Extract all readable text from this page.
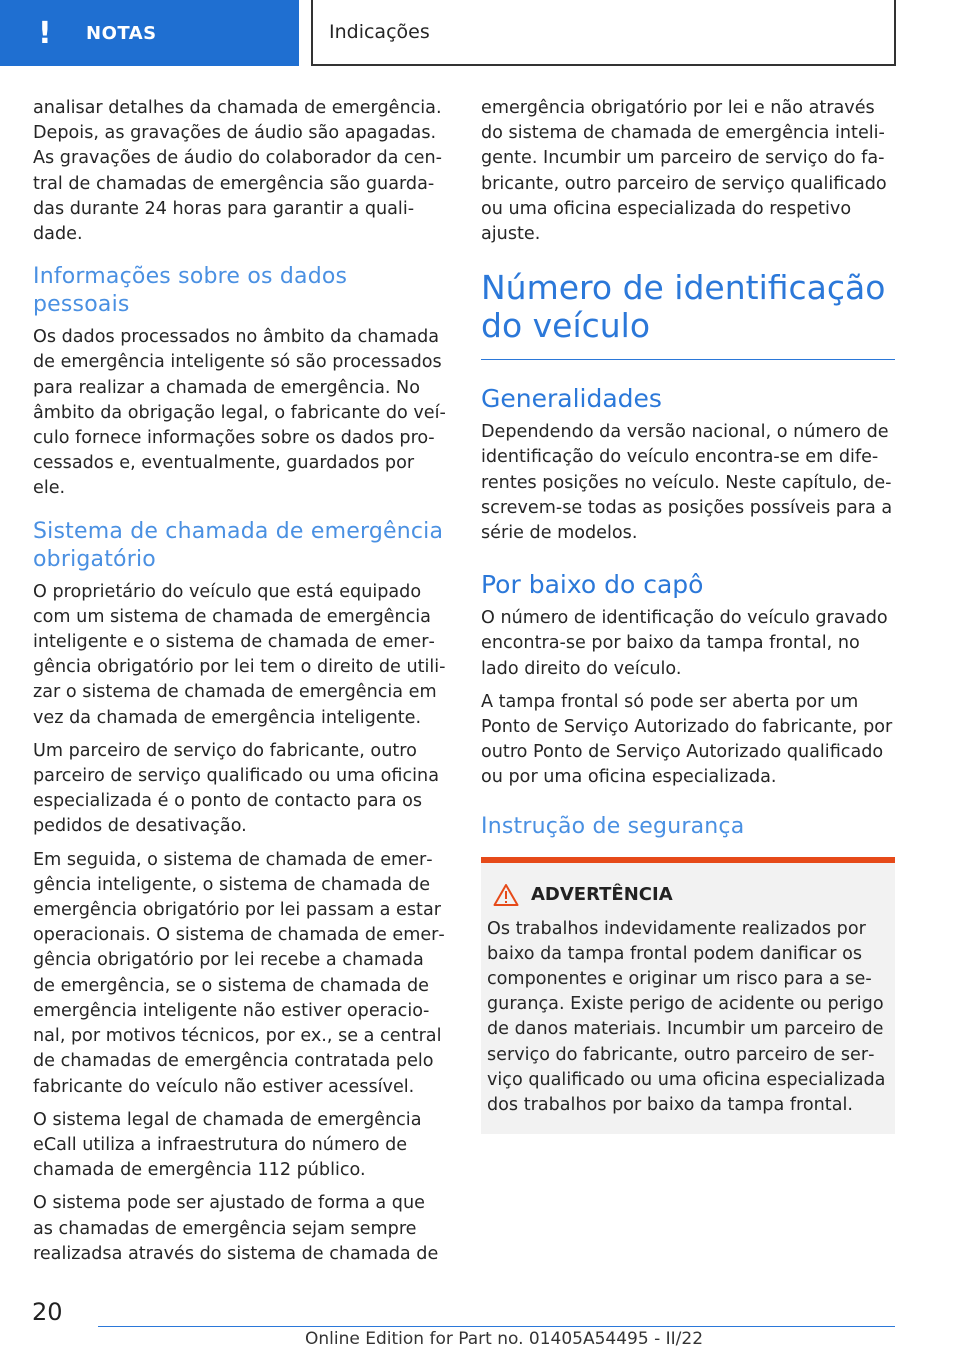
!	NOTAS	Indicações

analisar detalhes da chamada de emergência. Depois, as gravações de áudio são apagadas. As gravações de áudio do colaborador da central de chamadas de emergência são guardadas durante 24 horas para garantir a qualidade.

Informações sobre os dados pessoais

Os dados processados no âmbito da chamada de emergência inteligente só são processados para realizar a chamada de emergência. No âmbito da obrigação legal, o fabricante do veículo fornece informações sobre os dados processados e, eventualmente, guardados por ele.

Sistema de chamada de emergência obrigatório

O proprietário do veículo que está equipado com um sistema de chamada de emergência inteligente e o sistema de chamada de emergência obrigatório por lei tem o direito de utilizar o sistema de chamada de emergência em vez da chamada de emergência inteligente.

Um parceiro de serviço do fabricante, outro parceiro de serviço qualificado ou uma oficina especializada é o ponto de contacto para os pedidos de desativação.

Em seguida, o sistema de chamada de emergência inteligente, o sistema de chamada de emergência obrigatório por lei passam a estar operacionais. O sistema de chamada de emergência obrigatório por lei recebe a chamada de emergência, se o sistema de chamada de emergência inteligente não estiver operacional, por motivos técnicos, por ex., se a central de chamadas de emergência contratada pelo fabricante do veículo não estiver acessível.

O sistema legal de chamada de emergência eCall utiliza a infraestrutura do número de chamada de emergência 112 público.

O sistema pode ser ajustado de forma a que as chamadas de emergência sejam sempre realizadsa através do sistema de chamada de

emergência obrigatório por lei e não através do sistema de chamada de emergência inteligente. Incumbir um parceiro de serviço do fabricante, outro parceiro de serviço qualificado ou uma oficina especializada do respetivo ajuste.

Número de identificação do veículo
Generalidades

Dependendo da versão nacional, o número de identificação do veículo encontra-se em diferentes posições no veículo. Neste capítulo, descrevem-se todas as posições possíveis para a série de modelos.

Por baixo do capô

O número de identificação do veículo gravado encontra-se por baixo da tampa frontal, no lado direito do veículo.

A tampa frontal só pode ser aberta por um Ponto de Serviço Autorizado do fabricante, por outro Ponto de Serviço Autorizado qualificado ou por uma oficina especializada.

Instrução de segurança
ADVERTÊNCIA

Os trabalhos indevidamente realizados por baixo da tampa frontal podem danificar os componentes e originar um risco para a segurança. Existe perigo de acidente ou perigo de danos materiais. Incumbir um parceiro de serviço do fabricante, outro parceiro de serviço qualificado ou uma oficina especializada dos trabalhos por baixo da tampa frontal.

20
Online Edition for Part no. 01405A54495 - II/22
